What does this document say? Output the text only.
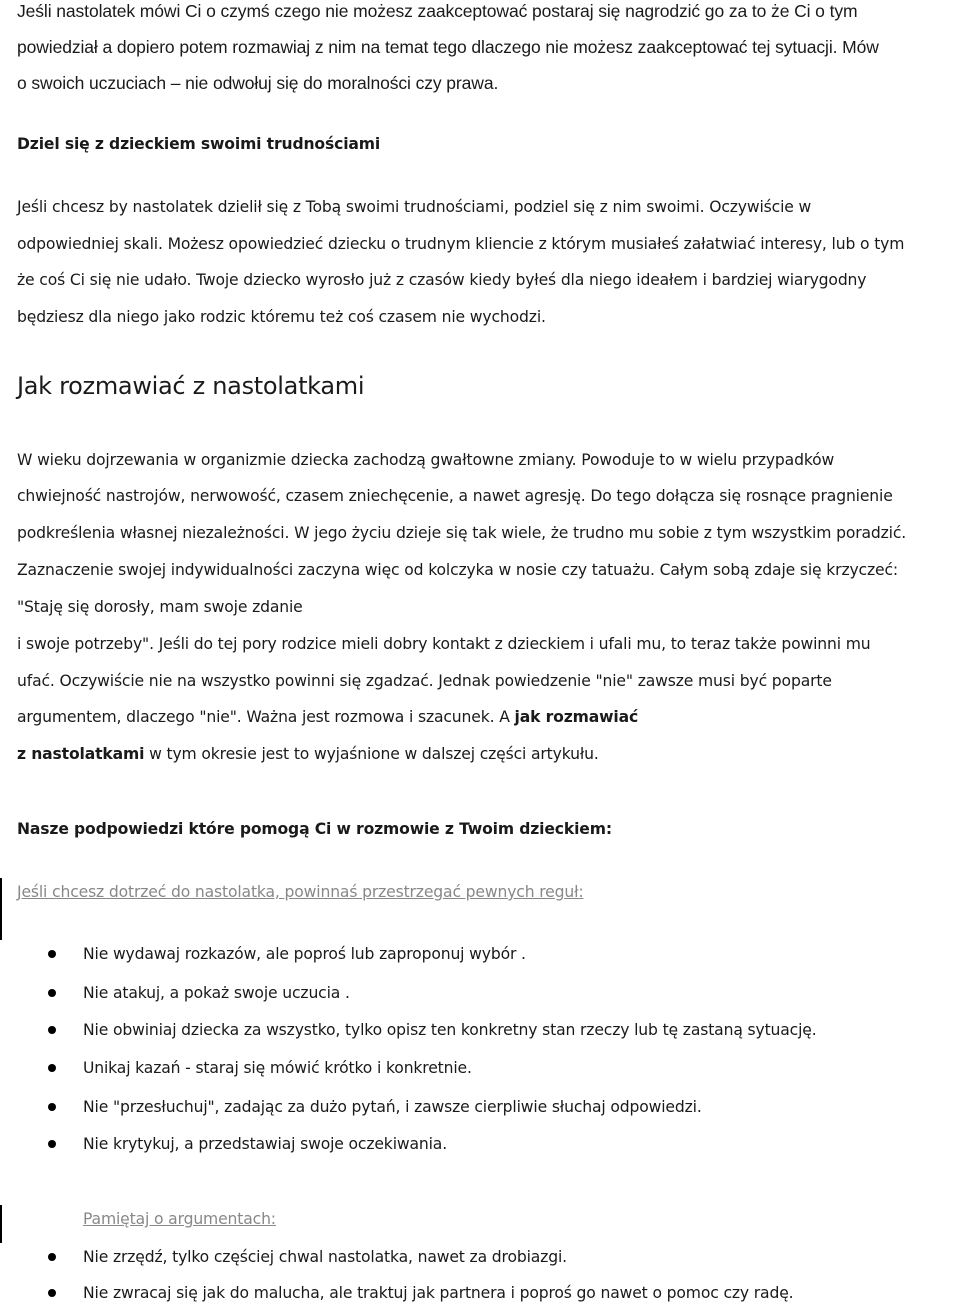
Jeśli nastolatek mówi Ci o czymś czego nie możesz zaakceptować postaraj się nagrodzić go za to że Ci o tym
powiedział a dopiero potem rozmawiaj z nim na temat tego dlaczego nie możesz zaakceptować tej sytuacji. Mów
o swoich uczuciach – nie odwołuj się do moralności czy prawa.
Dziel się z dzieckiem swoimi trudnościami
Jeśli chcesz by nastolatek dzielił się z Tobą swoimi trudnościami, podziel się z nim swoimi. Oczywiście w
odpowiedniej skali. Możesz opowiedzieć dziecku o trudnym kliencie z którym musiałeś załatwiać interesy, lub o tym
że coś Ci się nie udało. Twoje dziecko wyrosło już z czasów kiedy byłeś dla niego ideałem i bardziej wiarygodny
będziesz dla niego jako rodzic któremu też coś czasem nie wychodzi.
Jak rozmawiać z nastolatkami
W wieku dojrzewania w organizmie dziecka zachodzą gwałtowne zmiany. Powoduje to w wielu przypadków
chwiejność nastrojów, nerwowość, czasem zniechęcenie, a nawet agresję. Do tego dołącza się rosnące pragnienie
podkreślenia własnej niezależności. W jego życiu dzieje się tak wiele, że trudno mu sobie z tym wszystkim poradzić.
Zaznaczenie swojej indywidualności zaczyna więc od kolczyka w nosie czy tatuażu. Całym sobą zdaje się krzyczeć:
"Staję się dorosły, mam swoje zdanie
i swoje potrzeby". Jeśli do tej pory rodzice mieli dobry kontakt z dzieckiem i ufali mu, to teraz także powinni mu
ufać. Oczywiście nie na wszystko powinni się zgadzać. Jednak powiedzenie "nie" zawsze musi być poparte
argumentem, dlaczego "nie". Ważna jest rozmowa i szacunek. A jak rozmawiać
z nastolatkami w tym okresie jest to wyjaśnione w dalszej części artykułu.
Nasze podpowiedzi które pomogą Ci w rozmowie z Twoim dzieckiem:
Jeśli chcesz dotrzeć do nastolatka, powinnaś przestrzegać pewnych reguł:
Nie wydawaj rozkazów, ale poproś lub zaproponuj wybór .
Nie atakuj, a pokaż swoje uczucia .
Nie obwiniaj dziecka za wszystko, tylko opisz ten konkretny stan rzeczy lub tę zastaną sytuację.
Unikaj kazań - staraj się mówić krótko i konkretnie.
Nie "przesłuchuj", zadając za dużo pytań, i zawsze cierpliwie słuchaj odpowiedzi.
Nie krytykuj, a przedstawiaj swoje oczekiwania.
Pamiętaj o argumentach:
Nie zrzędź, tylko częściej chwal nastolatka, nawet za drobiazgi.
Nie zwracaj się jak do malucha, ale traktuj jak partnera i poproś go nawet o pomoc czy radę.
